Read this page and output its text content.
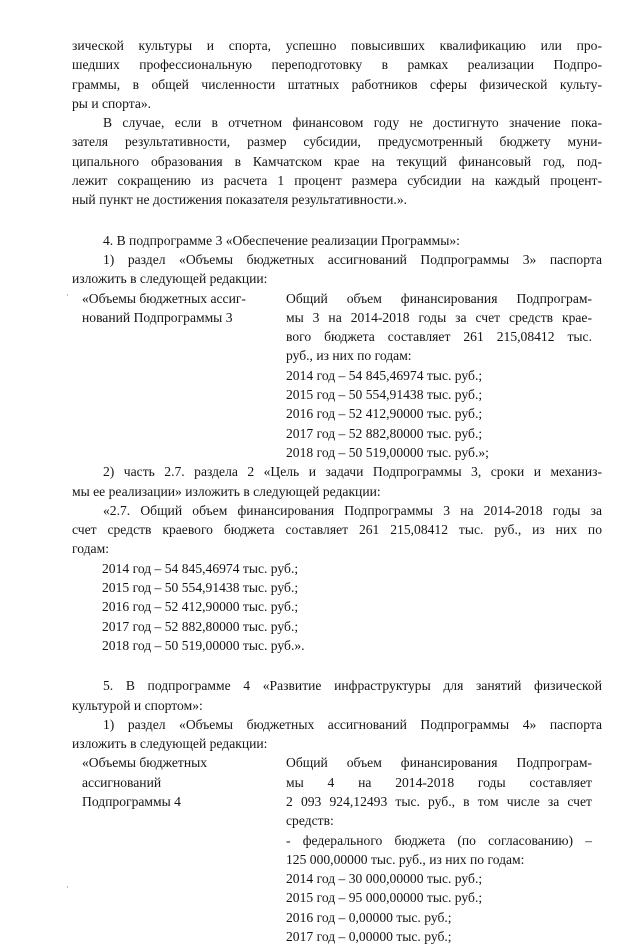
зической культуры и спорта, успешно повысивших квалификацию или про-
шедших профессиональную переподготовку в рамках реализации Подпро-
граммы, в общей численности штатных работников сферы физической культу-
ры и спорта».
В случае, если в отчетном финансовом году не достигнуто значение пока-
зателя результативности, размер субсидии, предусмотренный бюджету муни-
ципального образования в Камчатском крае на текущий финансовый год, под-
лежит сокращению из расчета 1 процент размера субсидии на каждый процент-
ный пункт не достижения показателя результативности.».
4. В подпрограмме 3 «Обеспечение реализации Программы»:
1) раздел «Объемы бюджетных ассигнований Подпрограммы 3» паспорта
изложить в следующей редакции:
«Объемы бюджетных ассиг-
нований Подпрограммы 3
Общий объем финансирования Подпрограм-
мы 3 на 2014-2018 годы за счет средств крае-
вого бюджета составляет 261 215,08412 тыс.
руб., из них по годам:
2014 год – 54 845,46974 тыс. руб.;
2015 год – 50 554,91438 тыс. руб.;
2016 год – 52 412,90000 тыс. руб.;
2017 год – 52 882,80000 тыс. руб.;
2018 год – 50 519,00000 тыс. руб.»;
2) часть 2.7. раздела 2 «Цель и задачи Подпрограммы 3, сроки и механиз-
мы ее реализации» изложить в следующей редакции:
«2.7. Общий объем финансирования Подпрограммы 3 на 2014-2018 годы за
счет средств краевого бюджета составляет 261 215,08412 тыс. руб., из них по
годам:
2014 год – 54 845,46974 тыс. руб.;
2015 год – 50 554,91438 тыс. руб.;
2016 год – 52 412,90000 тыс. руб.;
2017 год – 52 882,80000 тыс. руб.;
2018 год – 50 519,00000 тыс. руб.».
5. В подпрограмме 4 «Развитие инфраструктуры для занятий физической
культурой и спортом»:
1) раздел «Объемы бюджетных ассигнований Подпрограммы 4» паспорта
изложить в следующей редакции:
«Объемы бюджетных
ассигнований
Подпрограммы 4
Общий объем финансирования Подпрограм-
мы 4 на 2014-2018 годы составляет
2 093 924,12493 тыс. руб., в том числе за счет
средств:
- федерального бюджета (по согласованию) –
125 000,00000 тыс. руб., из них по годам:
2014 год – 30 000,00000 тыс. руб.;
2015 год – 95 000,00000 тыс. руб.;
2016 год – 0,00000 тыс. руб.;
2017 год – 0,00000 тыс. руб.;
·
·
